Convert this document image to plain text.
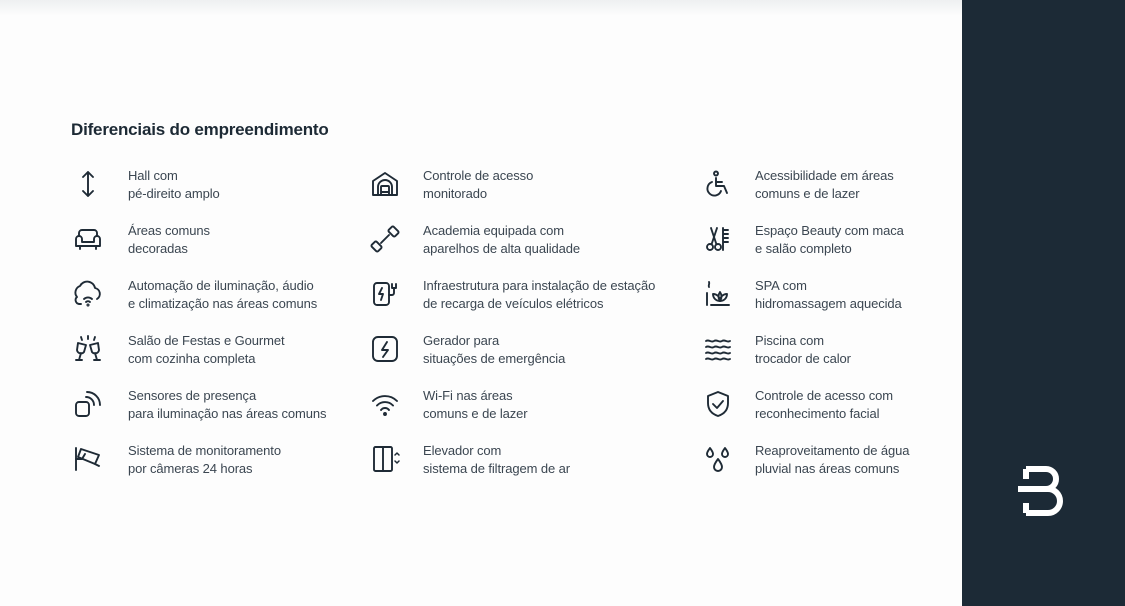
Diferenciais do empreendimento
Hall com
pé-direito amplo
Controle de acesso
monitorado
Acessibilidade em áreas
comuns e de lazer
Áreas comuns
decoradas
Academia equipada com
aparelhos de alta qualidade
Espaço Beauty com maca
e salão completo
Automação de iluminação, áudio
e climatização nas áreas comuns
Infraestrutura para instalação de estação
de recarga de veículos elétricos
SPA com
hidromassagem aquecida
Salão de Festas e Gourmet
com cozinha completa
Gerador para
situações de emergência
Piscina com
trocador de calor
Sensores de presença
para iluminação nas áreas comuns
Wi-Fi nas áreas
comuns e de lazer
Controle de acesso com
reconhecimento facial
Sistema de monitoramento
por câmeras 24 horas
Elevador com
sistema de filtragem de ar
Reaproveitamento de água
pluvial nas áreas comuns
